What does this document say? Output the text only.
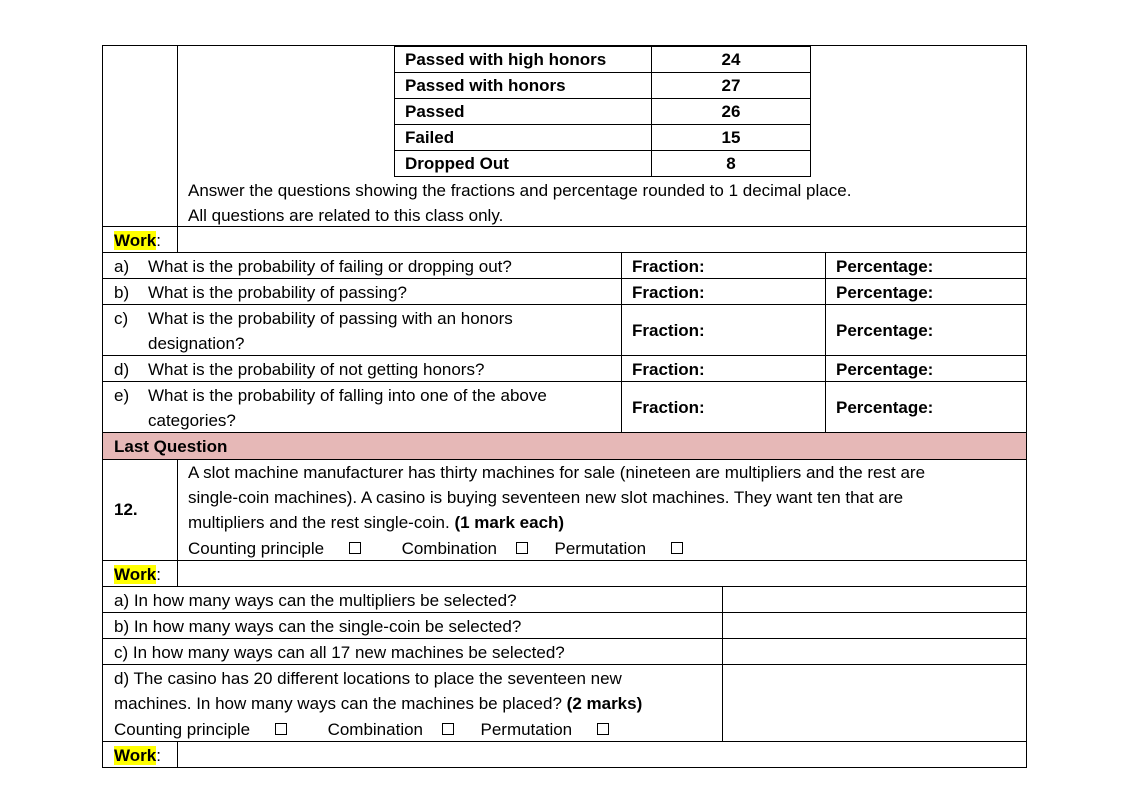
Passed with high honors	24
Passed with honors	27
Passed	26
Failed	15
Dropped Out	8
Answer the questions showing the fractions and percentage rounded to 1 decimal place.
All questions are related to this class only.
Work:
a) What is the probability of failing or dropping out?	Fraction:	Percentage:
b) What is the probability of passing?	Fraction:	Percentage:
c) What is the probability of passing with an honors
designation?
Fraction:	Percentage:
d) What is the probability of not getting honors?	Fraction:	Percentage:
e) What is the probability of falling into one of the above
categories?
Fraction:	Percentage:
Last Question
12.
A slot machine manufacturer has thirty machines for sale (nineteen are multipliers and the rest are
single-coin machines). A casino is buying seventeen new slot machines. They want ten that are
multipliers and the rest single-coin. (1 mark each)
Counting principle	Combination	Permutation
Work:
a) In how many ways can the multipliers be selected?
b) In how many ways can the single-coin be selected?
c) In how many ways can all 17 new machines be selected?
d) The casino has 20 different locations to place the seventeen new
machines. In how many ways can the machines be placed? (2 marks)
Counting principle	Combination	Permutation
Work:
